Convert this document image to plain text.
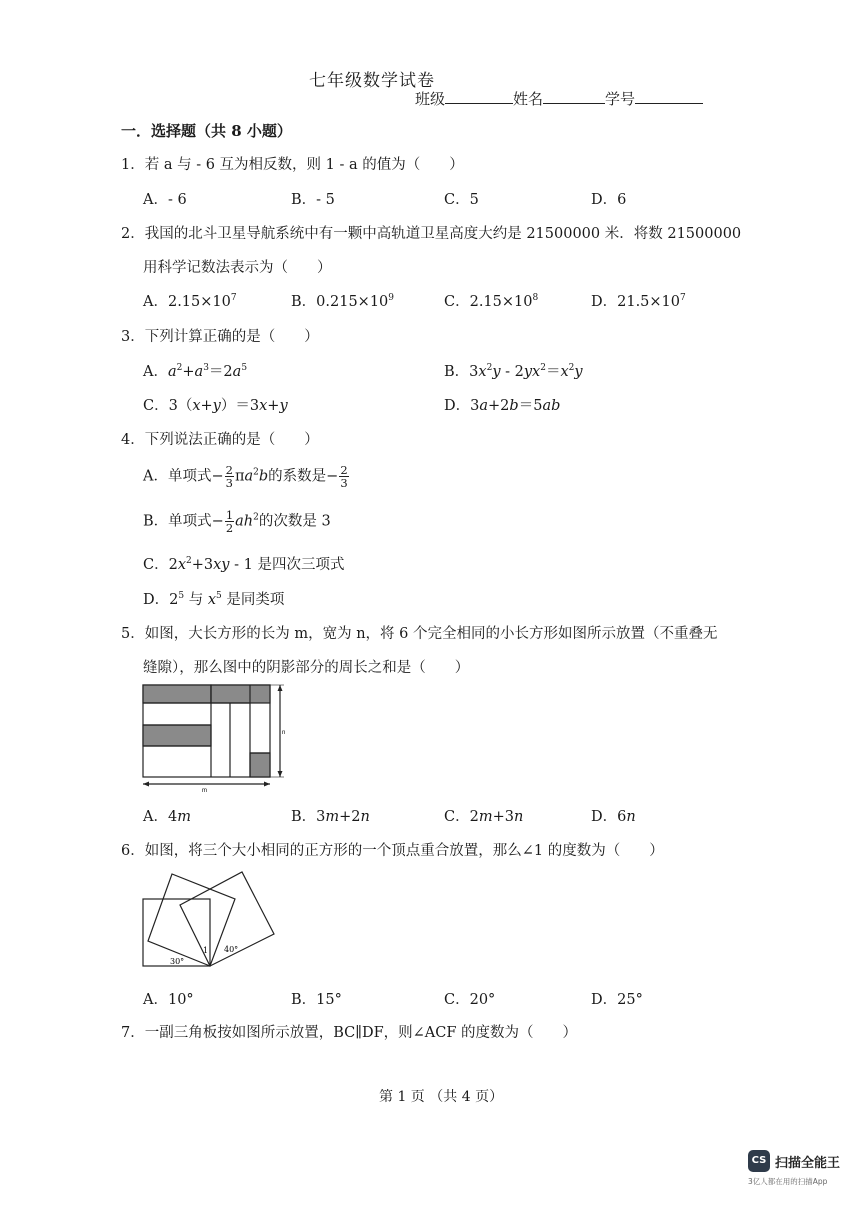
七年级数学试卷
班级	姓名	学号
一．选择题（共 8 小题）
1．若 a 与 - 6 互为相反数，则 1 - a 的值为（　　）
A．- 6	B．- 5	C．5	D．6
2．我国的北斗卫星导航系统中有一颗中高轨道卫星高度大约是 21500000 米．将数 21500000
用科学记数法表示为（　　）
A．$2.15\times 10^7$	B．$0.215\times 10^9$	C．$2.15\times 10^8$	D．$21.5\times 10^7$
3．下列计算正确的是（　　）
A．$a^2+a^3=2a^5$	B．$3x^2y - 2yx^2=x^2y$
C．3（x+y）＝3x+y	D．3a+2b＝5ab
4．下列说法正确的是（　　）
A．单项式− $\frac{2}{3} \pi a^2b$的系数是− $\frac{2}{3}$
B．单项式− $\frac{1}{2} ah^2$的次数是 3
C．$2x^2+3xy - 1$ 是四次三项式
D．$2^5$ 与 $x^5$ 是同类项
5．如图，大长方形的长为 m，宽为 n，将 6 个完全相同的小长方形如图所示放置（不重叠无
缝隙），那么图中的阴影部分的周长之和是（　　）
n
m
A．4m	B．3m+2n	C．2m+3n	D．6n
6．如图，将三个大小相同的正方形的一个顶点重合放置，那么∠1 的度数为（　　）
30°
40°
1
A．10°	B．15°	C．20°	D．25°
7．一副三角板按如图所示放置，BC∥DF，则∠ACF 的度数为（　　）
第 1 页 （共 4 页）
CS 扫描全能王
3亿人都在用的扫描App
